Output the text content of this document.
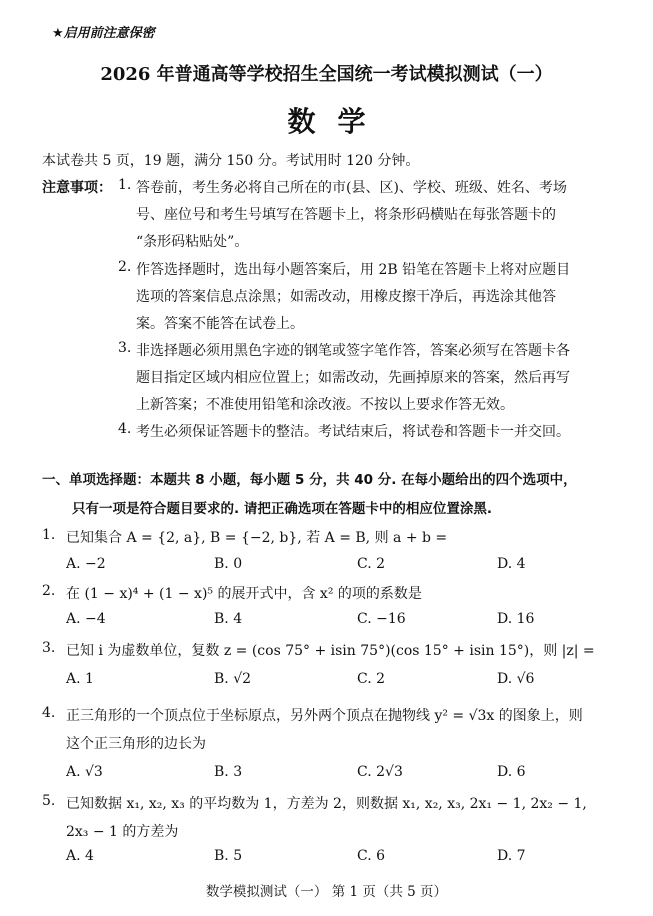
★启用前注意保密
2026 年普通高等学校招生全国统一考试模拟测试（一）
数学
本试卷共 5 页，19 题，满分 150 分。考试用时 120 分钟。
注意事项： 1. 答卷前，考生务必将自己所在的市(县、区)、学校、班级、姓名、考场
号、座位号和考生号填写在答题卡上，将条形码横贴在每张答题卡的
“条形码粘贴处”。
2. 作答选择题时，选出每小题答案后，用 2B 铅笔在答题卡上将对应题目
选项的答案信息点涂黑；如需改动，用橡皮擦干净后，再选涂其他答
案。答案不能答在试卷上。
3. 非选择题必须用黑色字迹的钢笔或签字笔作答，答案必须写在答题卡各
题目指定区域内相应位置上；如需改动，先画掉原来的答案，然后再写
上新答案；不准使用铅笔和涂改液。不按以上要求作答无效。
4. 考生必须保证答题卡的整洁。考试结束后，将试卷和答题卡一并交回。
一、单项选择题：本题共 8 小题，每小题 5 分，共 40 分. 在每小题给出的四个选项中，
只有一项是符合题目要求的. 请把正确选项在答题卡中的相应位置涂黑.
1. 已知集合 A = {2, a}, B = {−2, b}, 若 A = B, 则 a + b =
A. −2	B. 0	C. 2	D. 4
2. 在 (1 − x)⁴ + (1 − x)⁵ 的展开式中，含 x² 的项的系数是
A. −4	B. 4	C. −16	D. 16
3. 已知 i 为虚数单位，复数 z = (cos 75° + isin 75°)(cos 15° + isin 15°)，则 |z| =
A. 1	B. √2	C. 2	D. √6
4. 正三角形的一个顶点位于坐标原点，另外两个顶点在抛物线 y² = √3x 的图象上，则
这个正三角形的边长为
A. √3	B. 3	C. 2√3	D. 6
5. 已知数据 x₁, x₂, x₃ 的平均数为 1，方差为 2，则数据 x₁, x₂, x₃, 2x₁ − 1, 2x₂ − 1,
2x₃ − 1 的方差为
A. 4	B. 5	C. 6	D. 7
数学模拟测试（一） 第 1 页（共 5 页）
